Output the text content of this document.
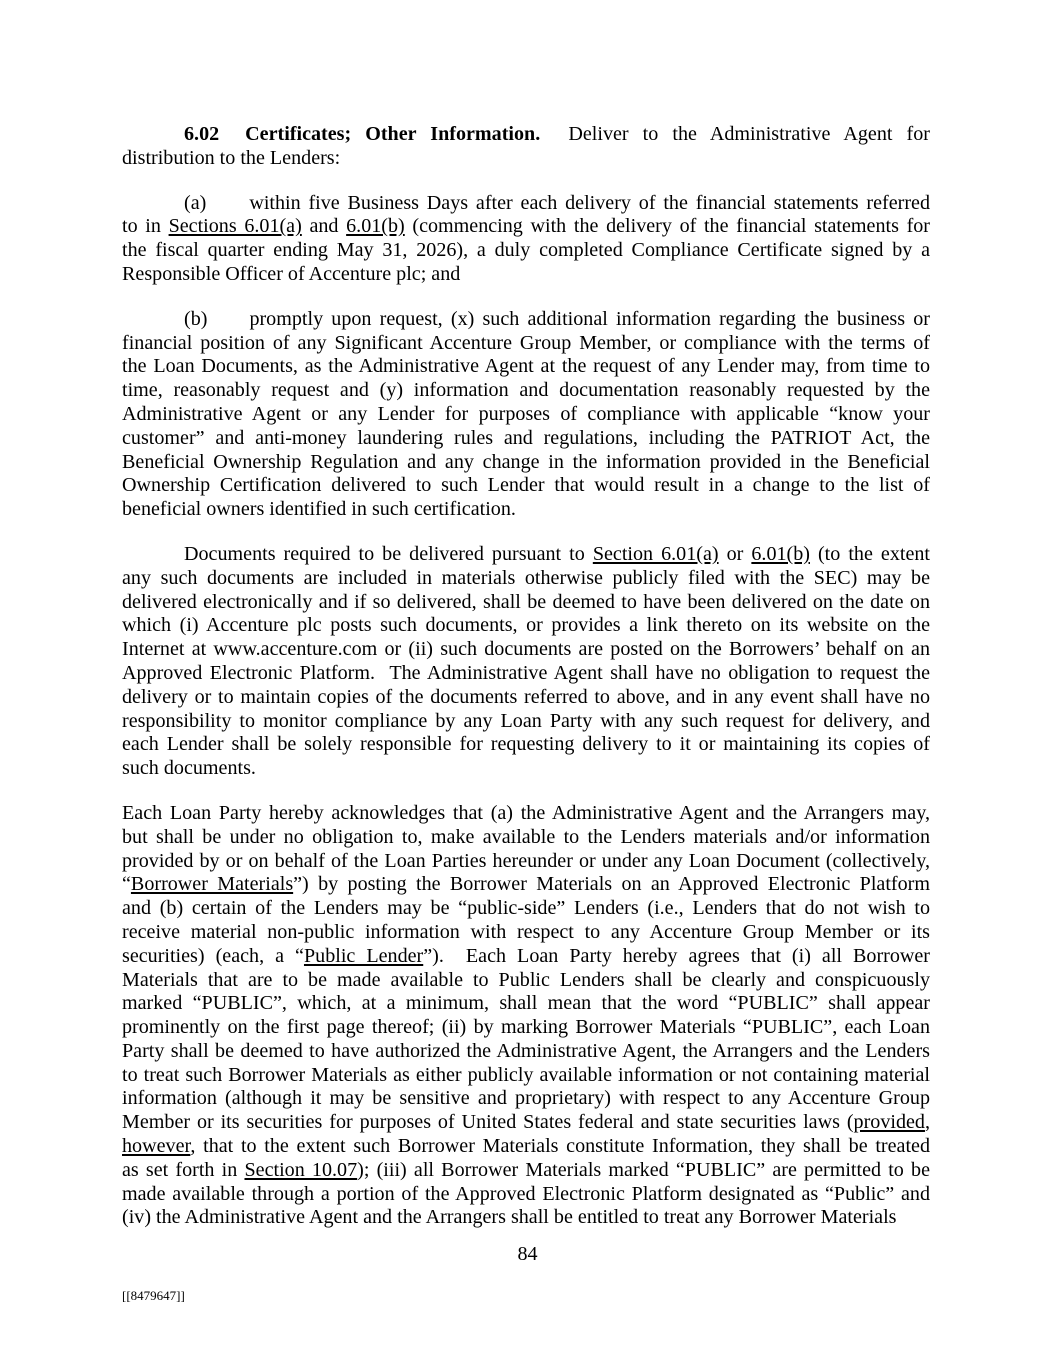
6.02 Certificates; Other Information.  Deliver to the Administrative Agent for
distribution to the Lenders:
(a) within five Business Days after each delivery of the financial statements referred
to in Sections 6.01(a) and 6.01(b) (commencing with the delivery of the financial statements for
the fiscal quarter ending May 31, 2026), a duly completed Compliance Certificate signed by a
Responsible Officer of Accenture plc; and
(b) promptly upon request, (x) such additional information regarding the business or
financial position of any Significant Accenture Group Member, or compliance with the terms of
the Loan Documents, as the Administrative Agent at the request of any Lender may, from time to
time, reasonably request and (y) information and documentation reasonably requested by the
Administrative Agent or any Lender for purposes of compliance with applicable “know your
customer” and anti-money laundering rules and regulations, including the PATRIOT Act, the
Beneficial Ownership Regulation and any change in the information provided in the Beneficial
Ownership Certification delivered to such Lender that would result in a change to the list of
beneficial owners identified in such certification.
Documents required to be delivered pursuant to Section 6.01(a) or 6.01(b) (to the extent
any such documents are included in materials otherwise publicly filed with the SEC) may be
delivered electronically and if so delivered, shall be deemed to have been delivered on the date on
which (i) Accenture plc posts such documents, or provides a link thereto on its website on the
Internet at www.accenture.com or (ii) such documents are posted on the Borrowers’ behalf on an
Approved Electronic Platform.  The Administrative Agent shall have no obligation to request the
delivery or to maintain copies of the documents referred to above, and in any event shall have no
responsibility to monitor compliance by any Loan Party with any such request for delivery, and
each Lender shall be solely responsible for requesting delivery to it or maintaining its copies of
such documents.
Each Loan Party hereby acknowledges that (a) the Administrative Agent and the Arrangers may,
but shall be under no obligation to, make available to the Lenders materials and/or information
provided by or on behalf of the Loan Parties hereunder or under any Loan Document (collectively,
“Borrower Materials”) by posting the Borrower Materials on an Approved Electronic Platform
and (b) certain of the Lenders may be “public-side” Lenders (i.e., Lenders that do not wish to
receive material non-public information with respect to any Accenture Group Member or its
securities) (each, a “Public Lender”).  Each Loan Party hereby agrees that (i) all Borrower
Materials that are to be made available to Public Lenders shall be clearly and conspicuously
marked “PUBLIC”, which, at a minimum, shall mean that the word “PUBLIC” shall appear
prominently on the first page thereof; (ii) by marking Borrower Materials “PUBLIC”, each Loan
Party shall be deemed to have authorized the Administrative Agent, the Arrangers and the Lenders
to treat such Borrower Materials as either publicly available information or not containing material
information (although it may be sensitive and proprietary) with respect to any Accenture Group
Member or its securities for purposes of United States federal and state securities laws (provided,
however, that to the extent such Borrower Materials constitute Information, they shall be treated
as set forth in Section 10.07); (iii) all Borrower Materials marked “PUBLIC” are permitted to be
made available through a portion of the Approved Electronic Platform designated as “Public” and
(iv) the Administrative Agent and the Arrangers shall be entitled to treat any Borrower Materials
84
[[8479647]]
